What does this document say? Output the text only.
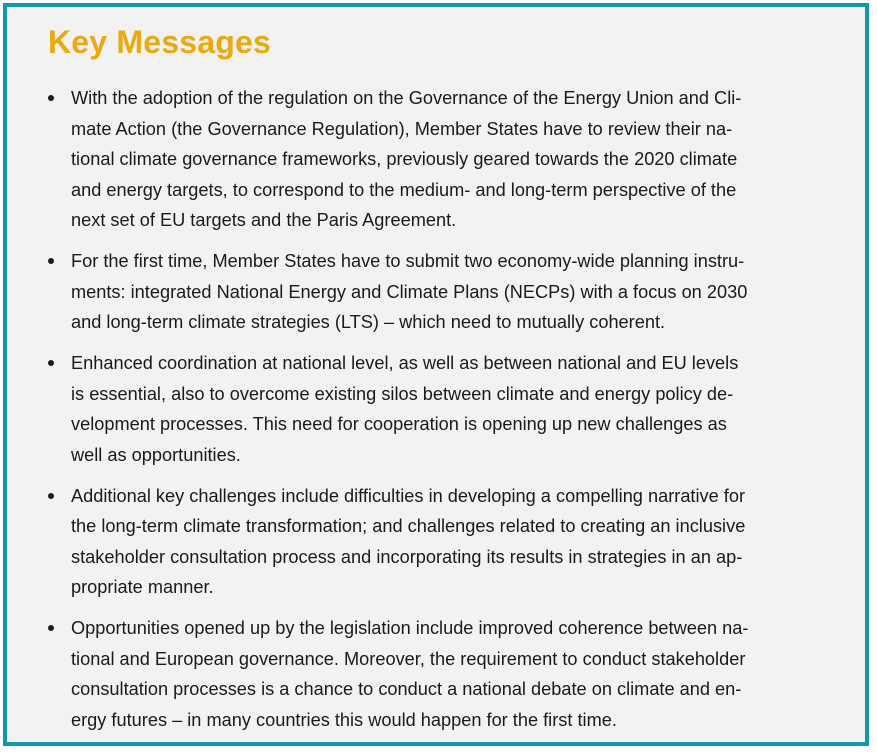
Key Messages
With the adoption of the regulation on the Governance of the Energy Union and Cli-
mate Action (the Governance Regulation), Member States have to review their na-
tional climate governance frameworks, previously geared towards the 2020 climate
and energy targets, to correspond to the medium- and long-term perspective of the
next set of EU targets and the Paris Agreement.
For the first time, Member States have to submit two economy-wide planning instru-
ments: integrated National Energy and Climate Plans (NECPs) with a focus on 2030
and long-term climate strategies (LTS) – which need to mutually coherent.
Enhanced coordination at national level, as well as between national and EU levels
is essential, also to overcome existing silos between climate and energy policy de-
velopment processes. This need for cooperation is opening up new challenges as
well as opportunities.
Additional key challenges include difficulties in developing a compelling narrative for
the long-term climate transformation; and challenges related to creating an inclusive
stakeholder consultation process and incorporating its results in strategies in an ap-
propriate manner.
Opportunities opened up by the legislation include improved coherence between na-
tional and European governance. Moreover, the requirement to conduct stakeholder
consultation processes is a chance to conduct a national debate on climate and en-
ergy futures – in many countries this would happen for the first time.
